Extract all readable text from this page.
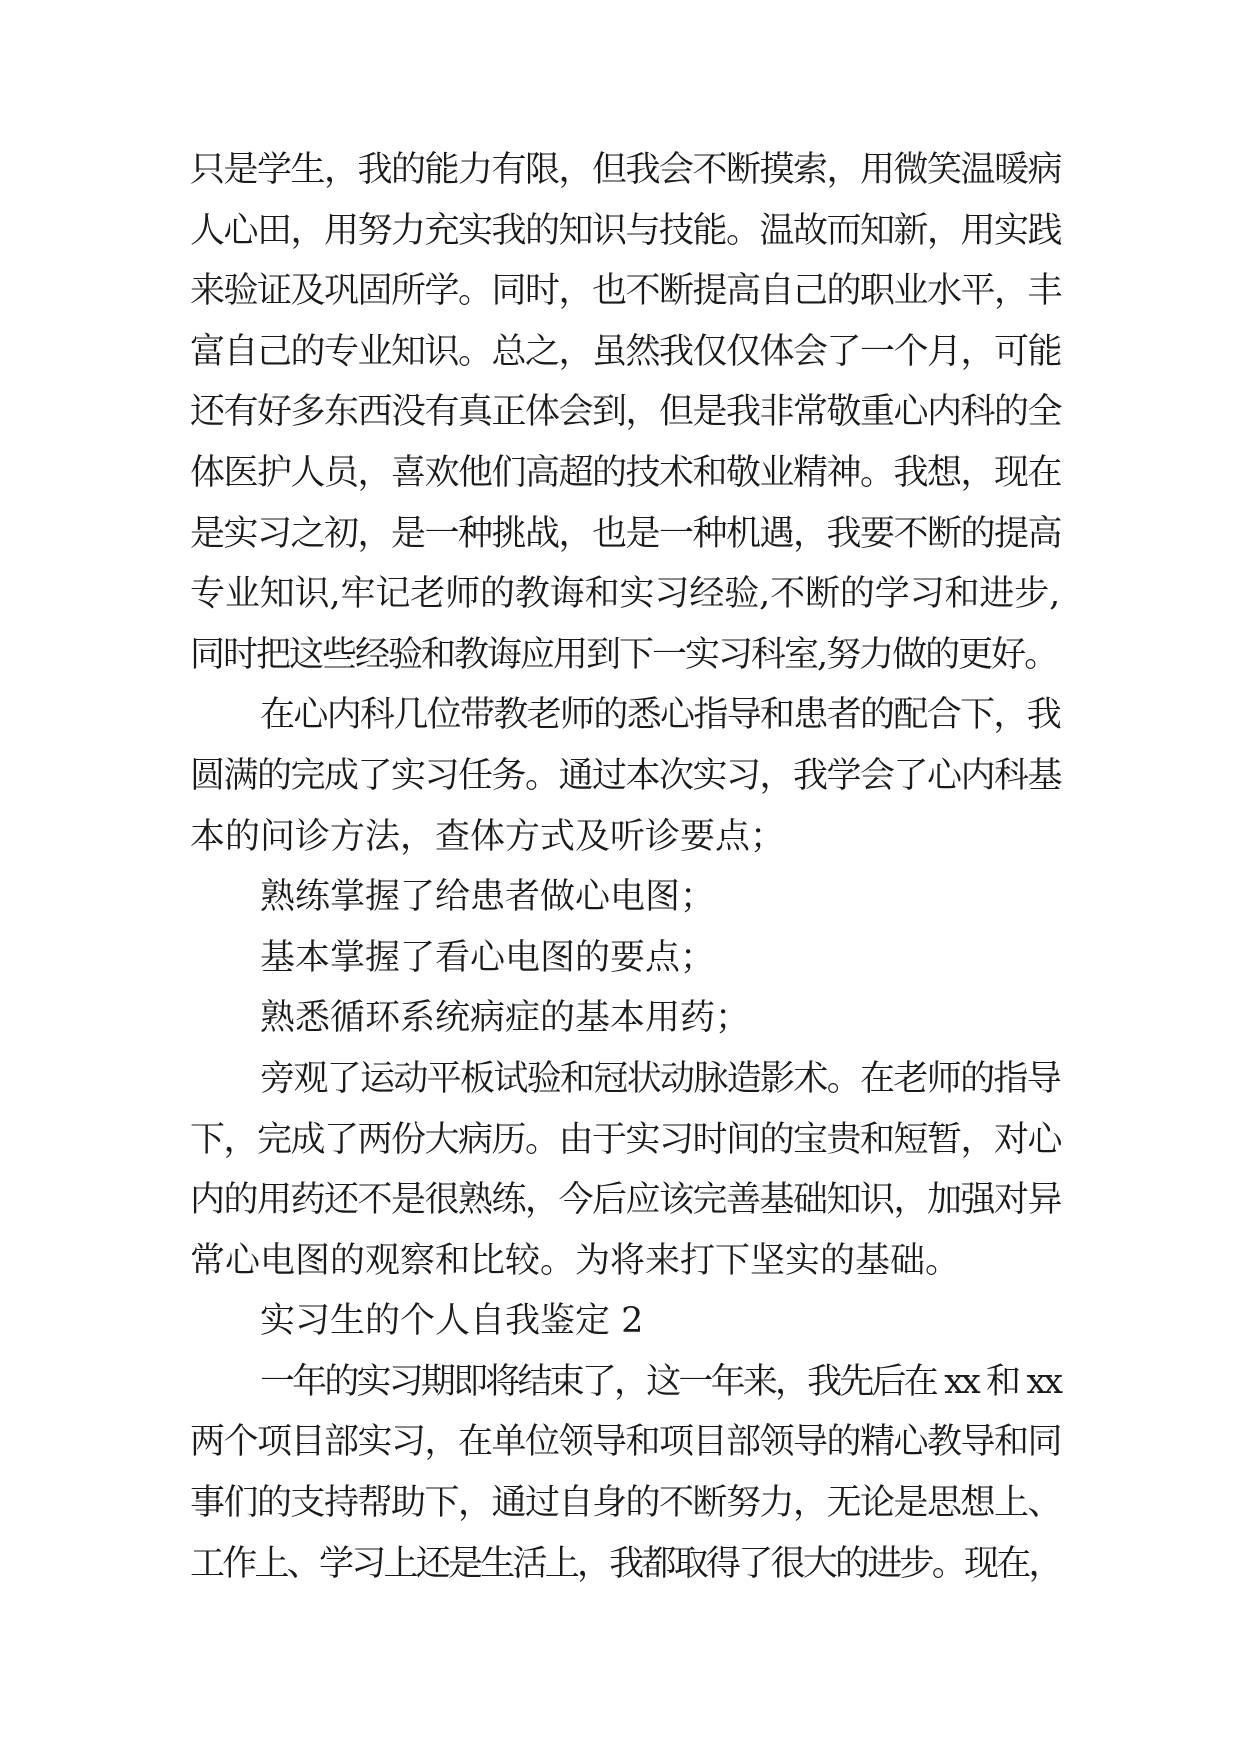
只是学生，我的能力有限，但我会不断摸索，用微笑温暖病
人心田，用努力充实我的知识与技能。温故而知新，用实践
来验证及巩固所学。同时，也不断提高自己的职业水平，丰
富自己的专业知识。总之，虽然我仅仅体会了一个月，可能
还有好多东西没有真正体会到，但是我非常敬重心内科的全
体医护人员，喜欢他们高超的技术和敬业精神。我想，现在
是实习之初，是一种挑战，也是一种机遇，我要不断的提高
专业知识,牢记老师的教诲和实习经验,不断的学习和进步,
同时把这些经验和教诲应用到下一实习科室,努力做的更好。
在心内科几位带教老师的悉心指导和患者的配合下，我
圆满的完成了实习任务。通过本次实习，我学会了心内科基
本的问诊方法，查体方式及听诊要点；
熟练掌握了给患者做心电图；
基本掌握了看心电图的要点；
熟悉循环系统病症的基本用药；
旁观了运动平板试验和冠状动脉造影术。在老师的指导
下，完成了两份大病历。由于实习时间的宝贵和短暂，对心
内的用药还不是很熟练，今后应该完善基础知识，加强对异
常心电图的观察和比较。为将来打下坚实的基础。
实习生的个人自我鉴定 2
一年的实习期即将结束了，这一年来，我先后在 xx 和 xx
两个项目部实习，在单位领导和项目部领导的精心教导和同
事们的支持帮助下，通过自身的不断努力，无论是思想上、
工作上、学习上还是生活上，我都取得了很大的进步。现在，
